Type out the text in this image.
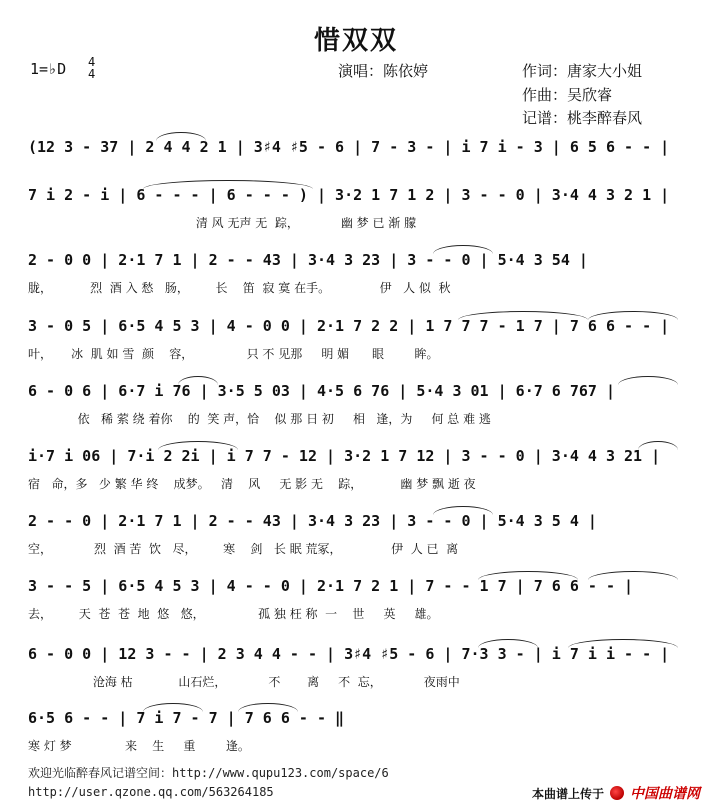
惜双双
1=♭D 4
4	演唱：陈依婷	作词：唐家大小姐
作曲：吴欣睿
记谱：桃李醉春风
(12 3 - 37 | 2 4 4 2 1 | 3♯4 ♯5 - 6 | 7 - 3 - | i 7 i - 3 | 6 5 6 - - |
7 i 2 - i | 6 - - - | 6 - - - ) | 3·2 1 7 1 2 | 3 - - 0 | 3·4 4 3 2 1 |
清 风 无声 无  踪，           幽 梦 已 渐 朦
2 - 0 0 | 2·1 7 1 | 2 - - 43 | 3·4 3 23 | 3 - - 0 | 5·4 3 54 |
胧，          烈  酒 入 愁   肠，       长    笛  寂 寞 在手。             伊   人 似  秋
3 - 0 5 | 6·5 4 5 3 | 4 - 0 0 | 2·1 7 2 2 | 1 7 7 7 - 1 7 | 7 6 6 - - |
叶，     冰  肌 如 雪  颜    容，              只 不 见那     明 媚      眼        眸。
6 - 0 6 | 6·7 i 76 | 3·5 5 03 | 4·5 6 76 | 5·4 3 01 | 6·7 6 767 |
依   稀 萦 绕 着你    的  笑 声，恰    似 那 日 初     相   逢，为     何 总 难 逃
i·7 i 06 | 7·i 2 2i | i 7 7 - 12 | 3·2 1 7 12 | 3 - - 0 | 3·4 4 3 21 |
宿   命，多   少 繁 华 终    成梦。   清    风     无 影 无    踪，          幽 梦 飘 逝 夜
2 - - 0 | 2·1 7 1 | 2 - - 43 | 3·4 3 23 | 3 - - 0 | 5·4 3 5 4 |
空，           烈  酒 苦  饮   尽，       寒    剑   长 眠 荒冢，             伊  人 已  离
3 - - 5 | 6·5 4 5 3 | 4 - - 0 | 2·1 7 2 1 | 7 - - 1 7 | 7 6 6 - - |
去，       天  苍  苍  地  悠   悠，              孤 独 枉 称  一    世     英     雄。
6 - 0 0 | 12 3 - - | 2 3 4 4 - - | 3♯4 ♯5 - 6 | 7·3 3 - | i 7 i i - - |
沧海 枯            山石烂，           不       离     不  忘，           夜雨中
6·5 6 - - | 7 i 7 - 7 | 7 6 6 - - ‖
寒 灯 梦              来    生     重        逢。
欢迎光临醉春风记谱空间：http://www.qupu123.com/space/6
http://user.qzone.qq.com/563264185	本曲谱上传于 中国曲谱网
